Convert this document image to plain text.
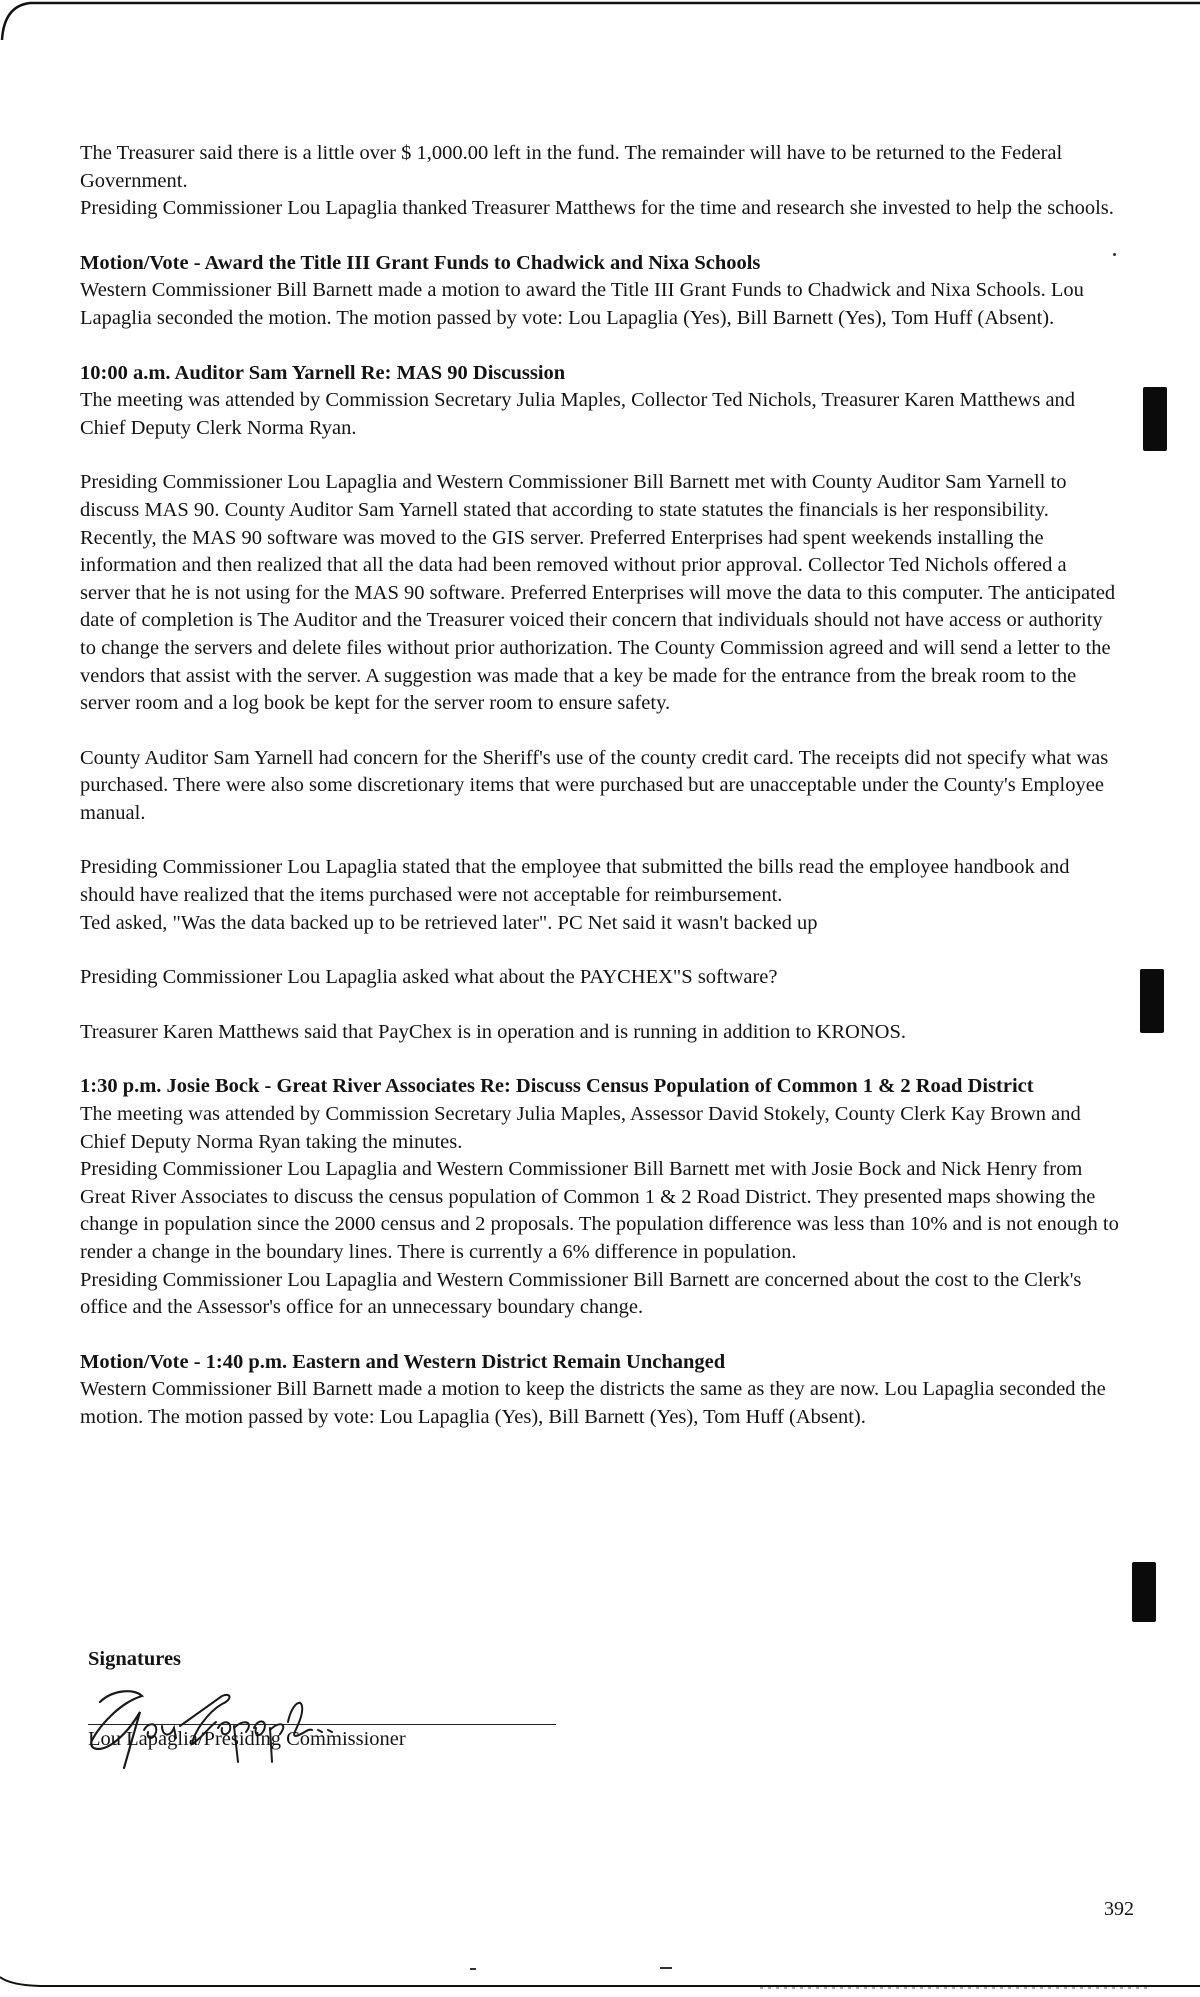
The Treasurer said there is a little over $ 1,000.00 left in the fund. The remainder will have to be returned to the Federal Government.

Presiding Commissioner Lou Lapaglia thanked Treasurer Matthews for the time and research she invested to help the schools.

Motion/Vote - Award the Title III Grant Funds to Chadwick and Nixa Schools

Western Commissioner Bill Barnett made a motion to award the Title III Grant Funds to Chadwick and Nixa Schools. Lou Lapaglia seconded the motion. The motion passed by vote: Lou Lapaglia (Yes), Bill Barnett (Yes), Tom Huff (Absent).

10:00 a.m. Auditor Sam Yarnell Re: MAS 90 Discussion

The meeting was attended by Commission Secretary Julia Maples, Collector Ted Nichols, Treasurer Karen Matthews and Chief Deputy Clerk Norma Ryan.

Presiding Commissioner Lou Lapaglia and Western Commissioner Bill Barnett met with County Auditor Sam Yarnell to discuss MAS 90. County Auditor Sam Yarnell stated that according to state statutes the financials is her responsibility. Recently, the MAS 90 software was moved to the GIS server. Preferred Enterprises had spent weekends installing the information and then realized that all the data had been removed without prior approval. Collector Ted Nichols offered a server that he is not using for the MAS 90 software. Preferred Enterprises will move the data to this computer. The anticipated date of completion is The Auditor and the Treasurer voiced their concern that individuals should not have access or authority to change the servers and delete files without prior authorization. The County Commission agreed and will send a letter to the vendors that assist with the server. A suggestion was made that a key be made for the entrance from the break room to the server room and a log book be kept for the server room to ensure safety.

County Auditor Sam Yarnell had concern for the Sheriff's use of the county credit card. The receipts did not specify what was purchased. There were also some discretionary items that were purchased but are unacceptable under the County's Employee manual.

Presiding Commissioner Lou Lapaglia stated that the employee that submitted the bills read the employee handbook and should have realized that the items purchased were not acceptable for reimbursement.

Ted asked, "Was the data backed up to be retrieved later". PC Net said it wasn't backed up

Presiding Commissioner Lou Lapaglia asked what about the PAYCHEX"S software?

Treasurer Karen Matthews said that PayChex is in operation and is running in addition to KRONOS.

1:30 p.m. Josie Bock - Great River Associates Re: Discuss Census Population of Common 1 & 2 Road District

The meeting was attended by Commission Secretary Julia Maples, Assessor David Stokely, County Clerk Kay Brown and Chief Deputy Norma Ryan taking the minutes.

Presiding Commissioner Lou Lapaglia and Western Commissioner Bill Barnett met with Josie Bock and Nick Henry from Great River Associates to discuss the census population of Common 1 & 2 Road District. They presented maps showing the change in population since the 2000 census and 2 proposals. The population difference was less than 10% and is not enough to render a change in the boundary lines. There is currently a 6% difference in population.

Presiding Commissioner Lou Lapaglia and Western Commissioner Bill Barnett are concerned about the cost to the Clerk's office and the Assessor's office for an unnecessary boundary change.

Motion/Vote - 1:40 p.m. Eastern and Western District Remain Unchanged

Western Commissioner Bill Barnett made a motion to keep the districts the same as they are now. Lou Lapaglia seconded the motion. The motion passed by vote: Lou Lapaglia (Yes), Bill Barnett (Yes), Tom Huff (Absent).

Signatures

Lou Lapaglia/Presiding Commissioner
392
